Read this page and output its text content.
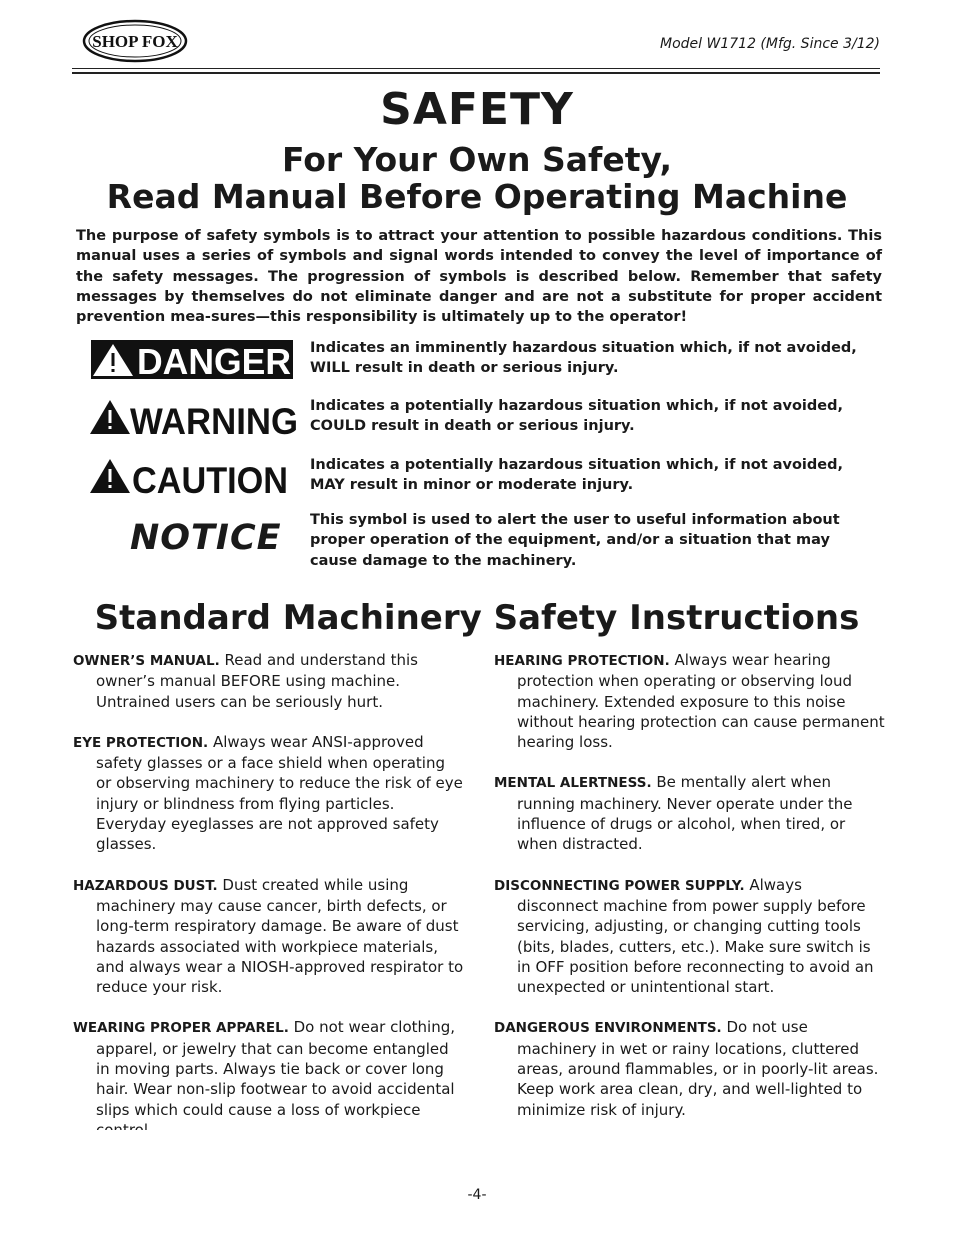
SHOP FOX	Model W1712 (Mfg. Since 3/12)
SAFETY
For Your Own Safety,
Read Manual Before Operating Machine
The purpose of safety symbols is to attract your attention to possible hazardous conditions. This manual uses a series of symbols and signal words intended to convey the level of importance of the safety messages. The progression of symbols is described below. Remember that safety messages by themselves do not eliminate danger and are not a substitute for proper accident prevention mea-sures—this responsibility is ultimately up to the operator!
DANGER Indicates an imminently hazardous situation which, if not avoided, WILL result in death or serious injury.
WARNING Indicates a potentially hazardous situation which, if not avoided, COULD result in death or serious injury.
CAUTION Indicates a potentially hazardous situation which, if not avoided, MAY result in minor or moderate injury.
NOTICE This symbol is used to alert the user to useful information about proper operation of the equipment, and/or a situation that may cause damage to the machinery.
Standard Machinery Safety Instructions
OWNER’S MANUAL. Read and understand this owner’s manual BEFORE using machine. Untrained users can be seriously hurt.
EYE PROTECTION. Always wear ANSI-approved safety glasses or a face shield when operating or observing machinery to reduce the risk of eye injury or blindness from flying particles. Everyday eyeglasses are not approved safety glasses.
HAZARDOUS DUST. Dust created while using machinery may cause cancer, birth defects, or long-term respiratory damage. Be aware of dust hazards associated with workpiece materials, and always wear a NIOSH-approved respirator to reduce your risk.
WEARING PROPER APPAREL. Do not wear clothing, apparel, or jewelry that can become entangled in moving parts. Always tie back or cover long hair. Wear non-slip footwear to avoid accidental slips which could cause a loss of workpiece
HEARING PROTECTION. Always wear hearing protection when operating or observing loud machinery. Extended exposure to this noise without hearing protection can cause permanent hearing loss.
MENTAL ALERTNESS. Be mentally alert when running machinery. Never operate under the influence of drugs or alcohol, when tired, or when distracted.
DISCONNECTING POWER SUPPLY. Always disconnect machine from power supply before servicing, adjusting, or changing cutting tools (bits, blades, cutters, etc.). Make sure switch is in OFF position before reconnecting to avoid an unexpected or unintentional start.
DANGEROUS ENVIRONMENTS. Do not use machinery in wet or rainy locations, cluttered areas, around flammables, or in poorly-lit areas. Keep work area clean, dry, and well-lighted to minimize risk of injury.
-4-
